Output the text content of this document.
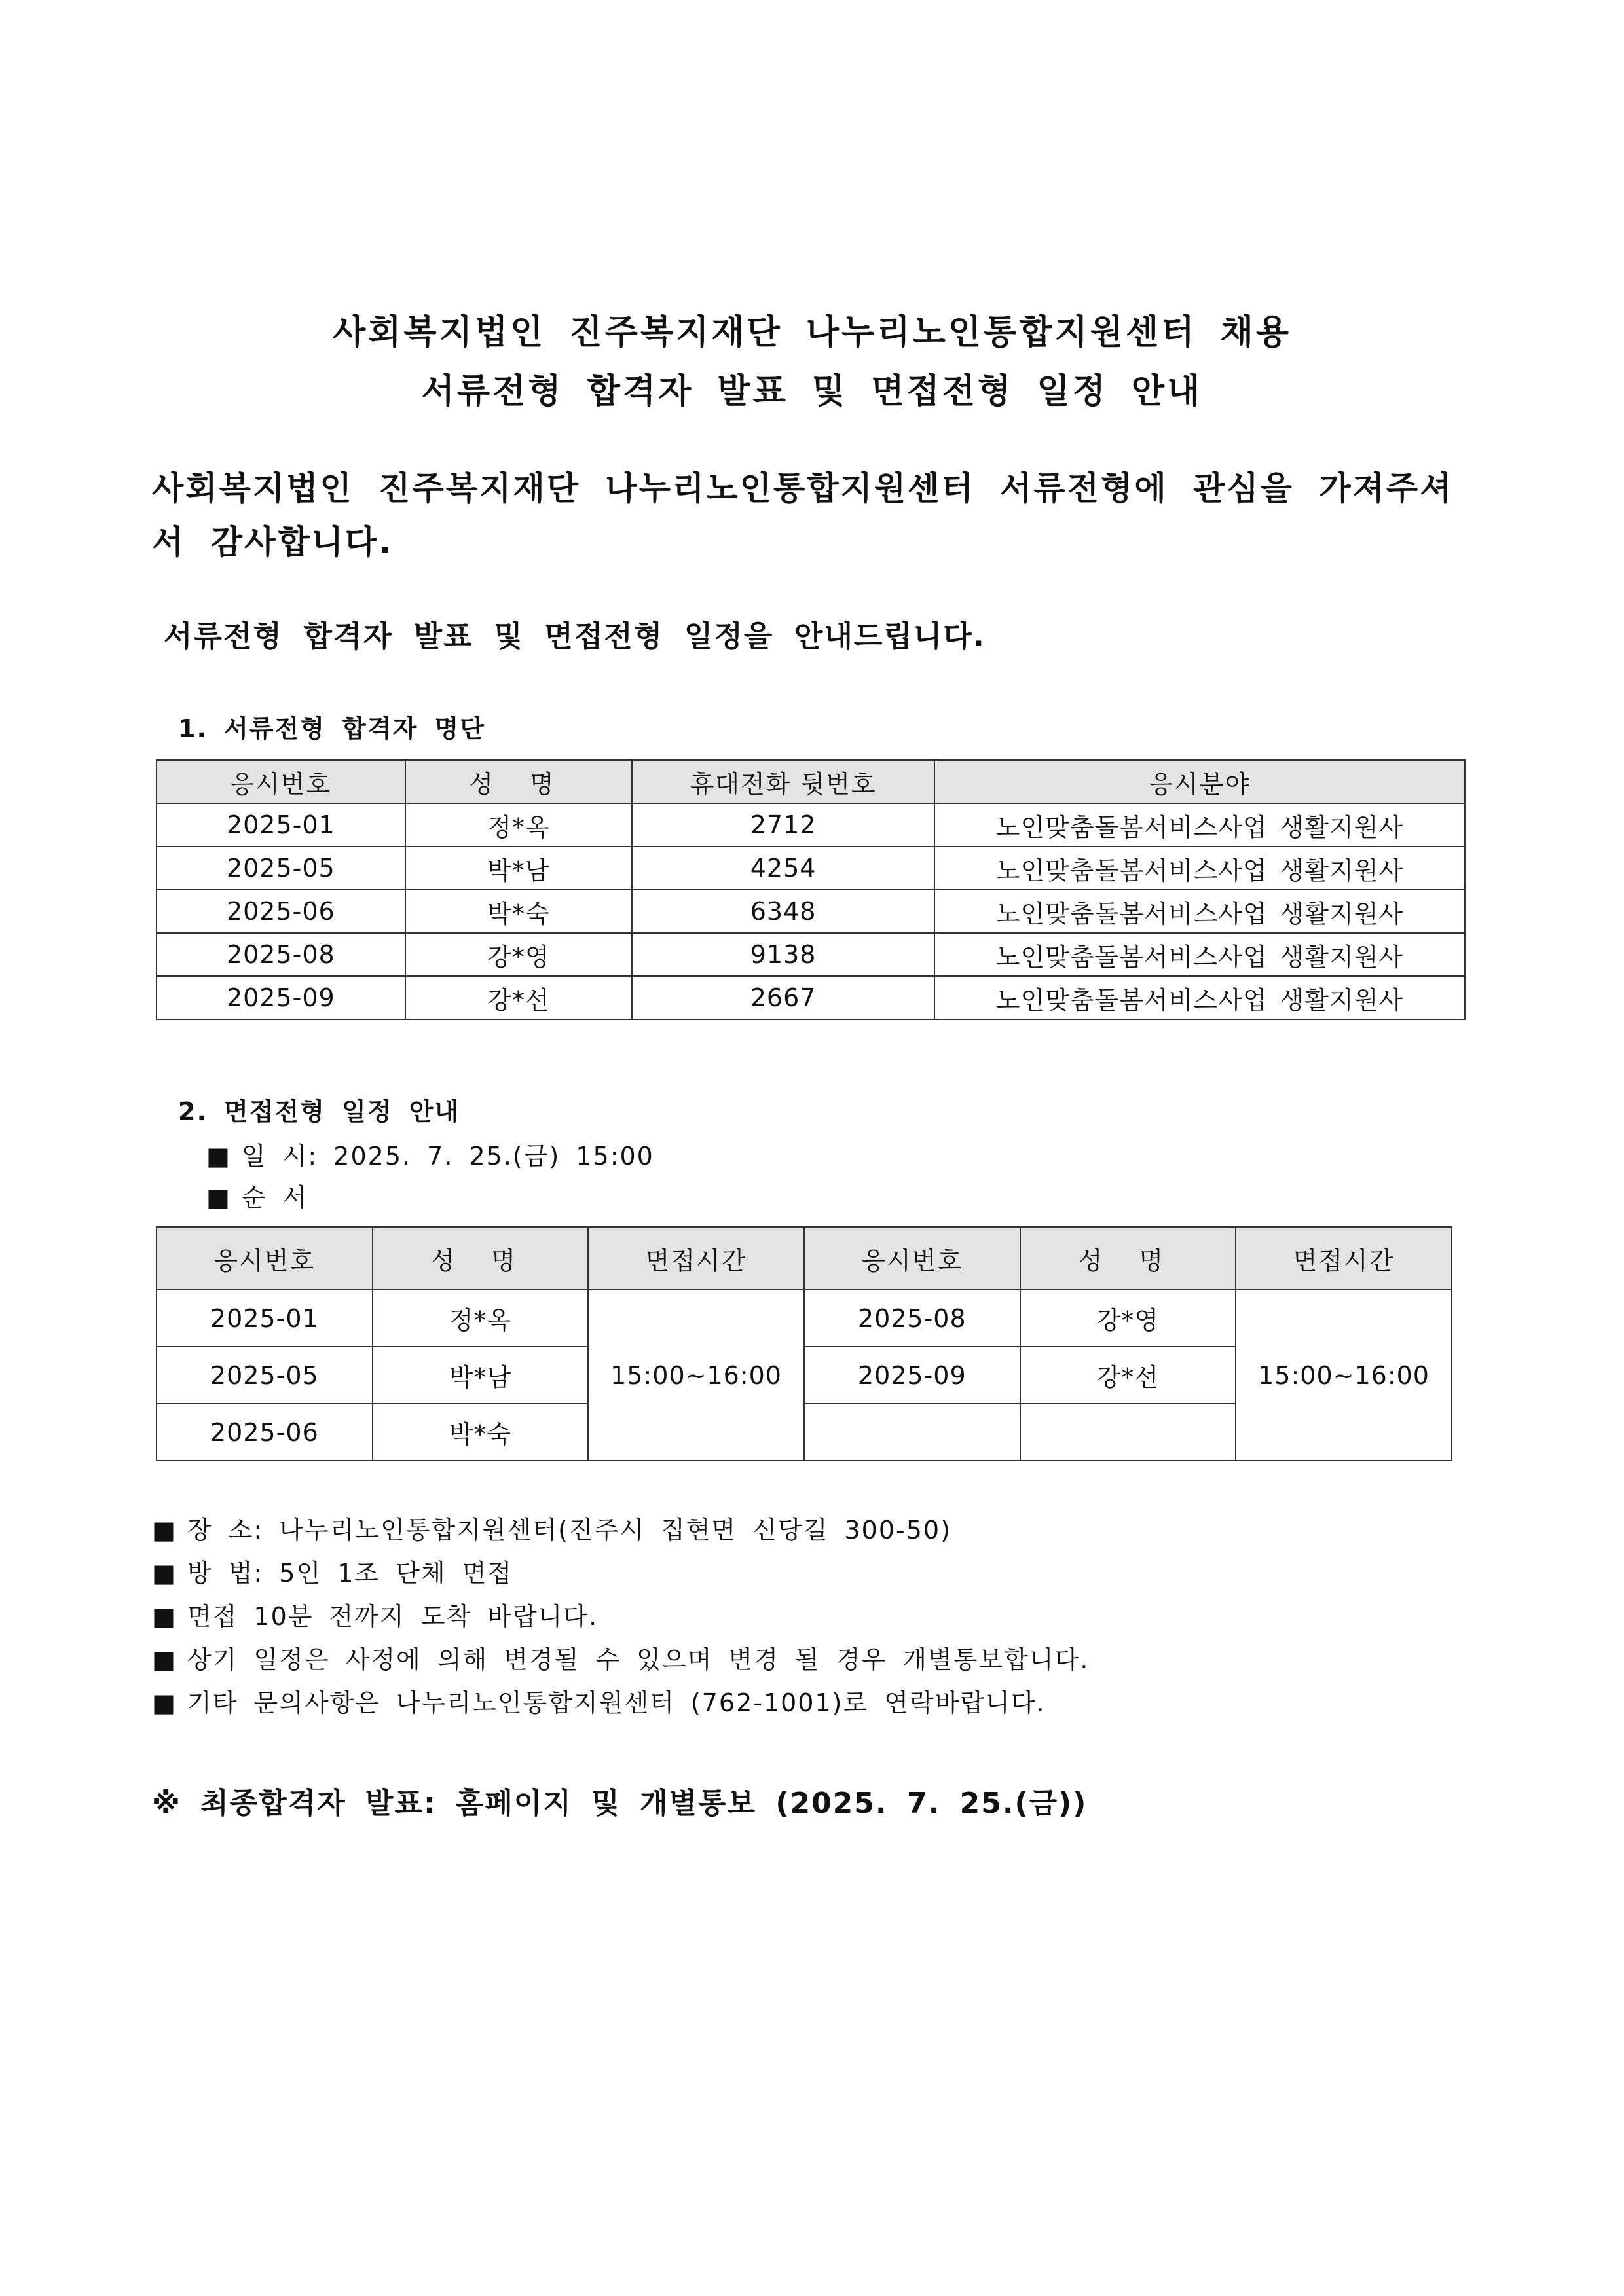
사회복지법인 진주복지재단 나누리노인통합지원센터 채용
서류전형 합격자 발표 및 면접전형 일정 안내
사회복지법인 진주복지재단 나누리노인통합지원센터 서류전형에 관심을 가져주셔서 감사합니다.
서류전형 합격자 발표 및 면접전형 일정을 안내드립니다.
1. 서류전형 합격자 명단
응시번호	성 명	휴대전화 뒷번호	응시분야
2025-01	정*옥	2712	노인맞춤돌봄서비스사업 생활지원사
2025-05	박*남	4254	노인맞춤돌봄서비스사업 생활지원사
2025-06	박*숙	6348	노인맞춤돌봄서비스사업 생활지원사
2025-08	강*영	9138	노인맞춤돌봄서비스사업 생활지원사
2025-09	강*선	2667	노인맞춤돌봄서비스사업 생활지원사
2. 면접전형 일정 안내
■ 일 시: 2025. 7. 25.(금) 15:00
■ 순 서
응시번호	성 명	면접시간	응시번호	성 명	면접시간
2025-01	정*옥	15:00~16:00	2025-08	강*영	15:00~16:00
2025-05	박*남		2025-09	강*선	
2025-06	박*숙				
■ 장 소: 나누리노인통합지원센터(진주시 집현면 신당길 300-50)
■ 방 법: 5인 1조 단체 면접
■ 면접 10분 전까지 도착 바랍니다.
■ 상기 일정은 사정에 의해 변경될 수 있으며 변경 될 경우 개별통보합니다.
■ 기타 문의사항은 나누리노인통합지원센터 (762-1001)로 연락바랍니다.
※ 최종합격자 발표: 홈페이지 및 개별통보 (2025. 7. 25.(금))
